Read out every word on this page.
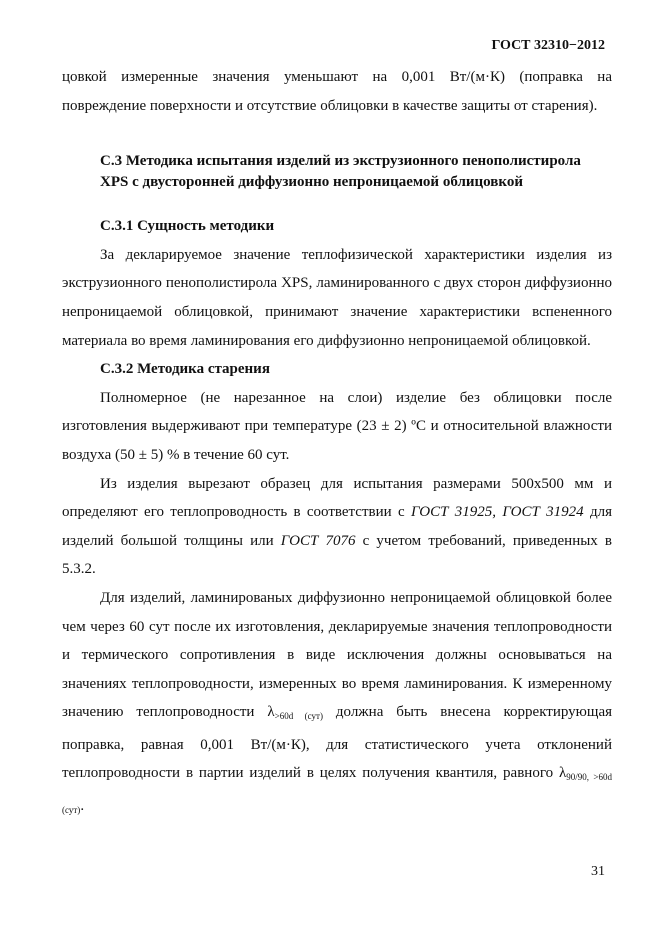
ГОСТ 32310−2012

цовкой измеренные значения уменьшают на 0,001 Вт/(м·К) (поправка на повреждение поверхности и отсутствие облицовки в качестве защиты от старения).

С.3 Методика испытания изделий из экструзионного пенополистирола
XPS с двусторонней диффузионно непроницаемой облицовкой

С.3.1 Сущность методики

За декларируемое значение теплофизической характеристики изделия из экструзионного пенополистирола XPS, ламинированного с двух сторон диффузионно непроницаемой облицовкой, принимают значение характеристики вспененного материала во время ламинирования его диффузионно непроницаемой облицовкой.

С.3.2 Методика старения

Полномерное (не нарезанное на слои) изделие без облицовки после изготовления выдерживают при температуре (23 ± 2) ºС и относительной влажности воздуха (50 ± 5) % в течение 60 сут.

Из изделия вырезают образец для испытания размерами 500х500 мм и определяют его теплопроводность в соответствии с ГОСТ 31925, ГОСТ 31924 для изделий большой толщины или ГОСТ 7076 с учетом требований, приведенных в 5.3.2.

Для изделий, ламинированых диффузионно непроницаемой облицовкой более чем через 60 сут после их изготовления, декларируемые значения теплопроводности и термического сопротивления в виде исключения должны основываться на значениях теплопроводности, измеренных во время ламинирования. К измеренному значению теплопроводности $\lambda_{>60d (сут)}$ должна быть внесена корректирующая поправка, равная 0,001 Вт/(м·К), для статистического учета отклонений теплопроводности в партии изделий в целях получения квантиля, равного $\lambda_{90/90, >60d (сут)}$.

31
